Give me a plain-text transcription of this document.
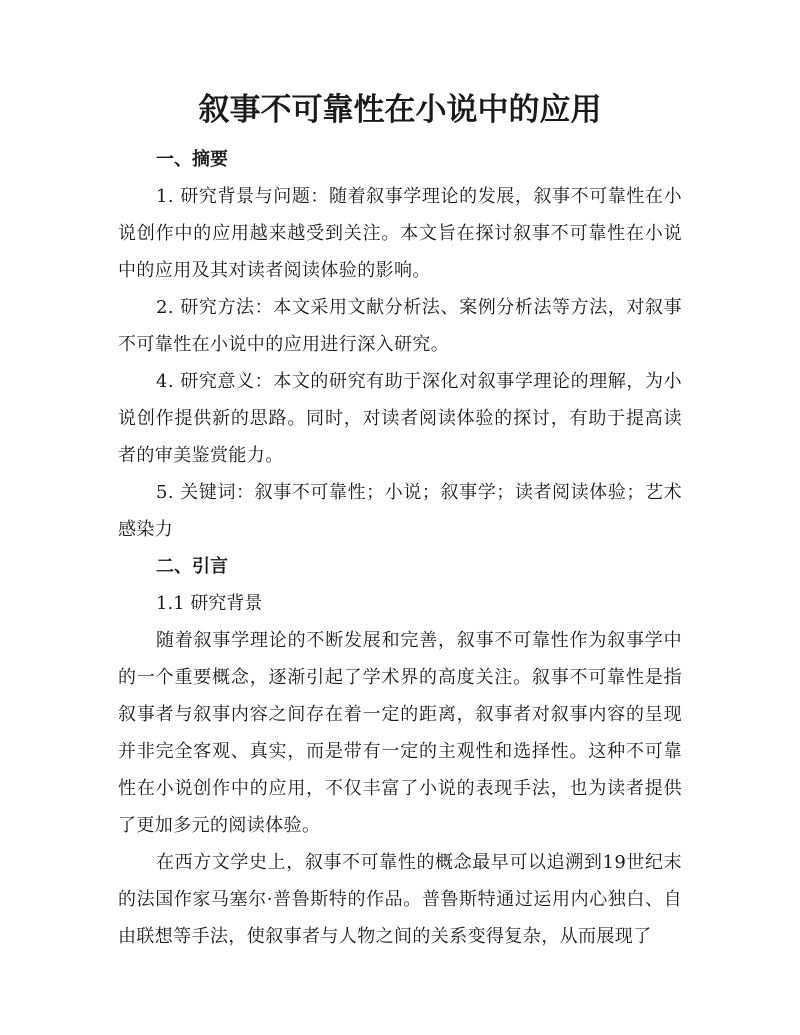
叙事不可靠性在小说中的应用

一、摘要

1. 研究背景与问题：随着叙事学理论的发展，叙事不可靠性在小说创作中的应用越来越受到关注。本文旨在探讨叙事不可靠性在小说中的应用及其对读者阅读体验的影响。

2. 研究方法：本文采用文献分析法、案例分析法等方法，对叙事不可靠性在小说中的应用进行深入研究。

4. 研究意义：本文的研究有助于深化对叙事学理论的理解，为小说创作提供新的思路。同时，对读者阅读体验的探讨，有助于提高读者的审美鉴赏能力。

5. 关键词：叙事不可靠性；小说；叙事学；读者阅读体验；艺术感染力

二、引言

1.1 研究背景

随着叙事学理论的不断发展和完善，叙事不可靠性作为叙事学中的一个重要概念，逐渐引起了学术界的高度关注。叙事不可靠性是指叙事者与叙事内容之间存在着一定的距离，叙事者对叙事内容的呈现并非完全客观、真实，而是带有一定的主观性和选择性。这种不可靠性在小说创作中的应用，不仅丰富了小说的表现手法，也为读者提供了更加多元的阅读体验。

在西方文学史上，叙事不可靠性的概念最早可以追溯到19世纪末的法国作家马塞尔·普鲁斯特的作品。普鲁斯特通过运用内心独白、自由联想等手法，使叙事者与人物之间的关系变得复杂，从而展现了
